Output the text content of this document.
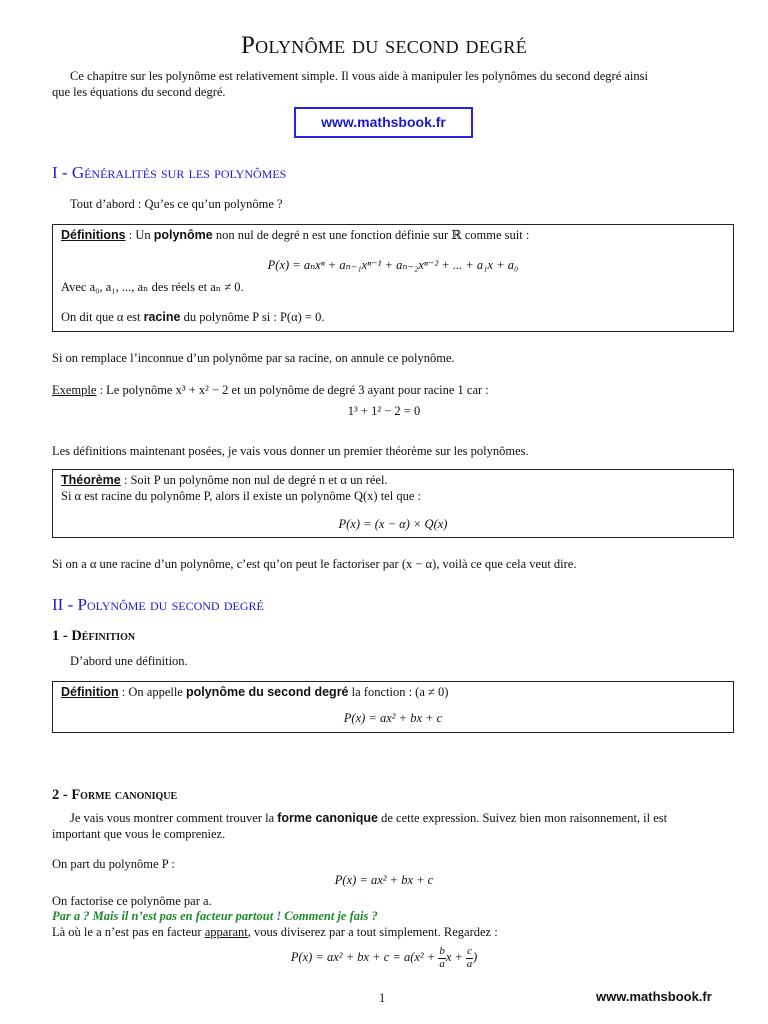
Polynôme du second degré
Ce chapitre sur les polynôme est relativement simple. Il vous aide à manipuler les polynômes du second degré ainsi
que les équations du second degré.
www.mathsbook.fr
I - Généralités sur les polynômes
Tout d’abord : Qu’es ce qu’un polynôme ?
Définitions : Un polynôme non nul de degré n est une fonction définie sur ℝ comme suit :
P(x) = aₙxⁿ + aₙ₋₁xⁿ⁻¹ + aₙ₋₂xⁿ⁻² + ... + a₁x + a₀
Avec a₀, a₁, ..., aₙ des réels et aₙ ≠ 0.
On dit que α est racine du polynôme P si : P(α) = 0.
Si on remplace l’inconnue d’un polynôme par sa racine, on annule ce polynôme.
Exemple : Le polynôme x³ + x² − 2 et un polynôme de degré 3 ayant pour racine 1 car :
1³ + 1² − 2 = 0
Les définitions maintenant posées, je vais vous donner un premier théorème sur les polynômes.
Théorème : Soit P un polynôme non nul de degré n et α un réel.
Si α est racine du polynôme P, alors il existe un polynôme Q(x) tel que :
P(x) = (x − α) × Q(x)
Si on a α une racine d’un polynôme, c’est qu’on peut le factoriser par (x − α), voilà ce que cela veut dire.
II - Polynôme du second degré
1 - Définition
D’abord une définition.
Définition : On appelle polynôme du second degré la fonction : (a ≠ 0)
P(x) = ax² + bx + c
2 - Forme canonique
Je vais vous montrer comment trouver la forme canonique de cette expression. Suivez bien mon raisonnement, il est
important que vous le compreniez.
On part du polynôme P :
P(x) = ax² + bx + c
On factorise ce polynôme par a.
Par a ? Mais il n’est pas en facteur partout ! Comment je fais ?
Là où le a n’est pas en facteur apparant, vous diviserez par a tout simplement. Regardez :
P(x) = ax² + bx + $c = a(x^2 + \frac{b}{a}$ $x + \frac{c}{a}$ )
1	www.mathsbook.fr
